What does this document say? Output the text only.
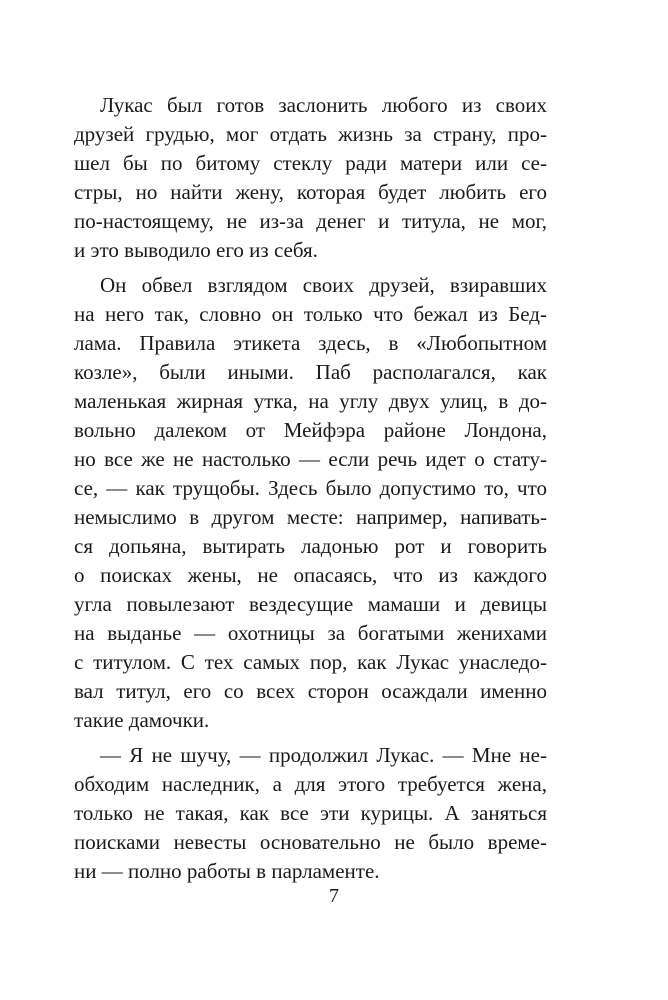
Лукас был готов заслонить любого из своих
друзей грудью, мог отдать жизнь за страну, про-
шел бы по битому стеклу ради матери или се-
стры, но найти жену, которая будет любить его
по-настоящему, не из-за денег и титула, не мог,
и это выводило его из себя.
Он обвел взглядом своих друзей, взиравших
на него так, словно он только что бежал из Бед-
лама. Правила этикета здесь, в «Любопытном
козле», были иными. Паб располагался, как
маленькая жирная утка, на углу двух улиц, в до-
вольно далеком от Мейфэра районе Лондона,
но все же не настолько — если речь идет о стату-
се, — как трущобы. Здесь было допустимо то, что
немыслимо в другом месте: например, напивать-
ся допьяна, вытирать ладонью рот и говорить
о поисках жены, не опасаясь, что из каждого
угла повылезают вездесущие мамаши и девицы
на выданье — охотницы за богатыми женихами
с титулом. С тех самых пор, как Лукас унаследо-
вал титул, его со всех сторон осаждали именно
такие дамочки.
— Я не шучу, — продолжил Лукас. — Мне не-
обходим наследник, а для этого требуется жена,
только не такая, как все эти курицы. А заняться
поисками невесты основательно не было време-
ни — полно работы в парламенте.
7
